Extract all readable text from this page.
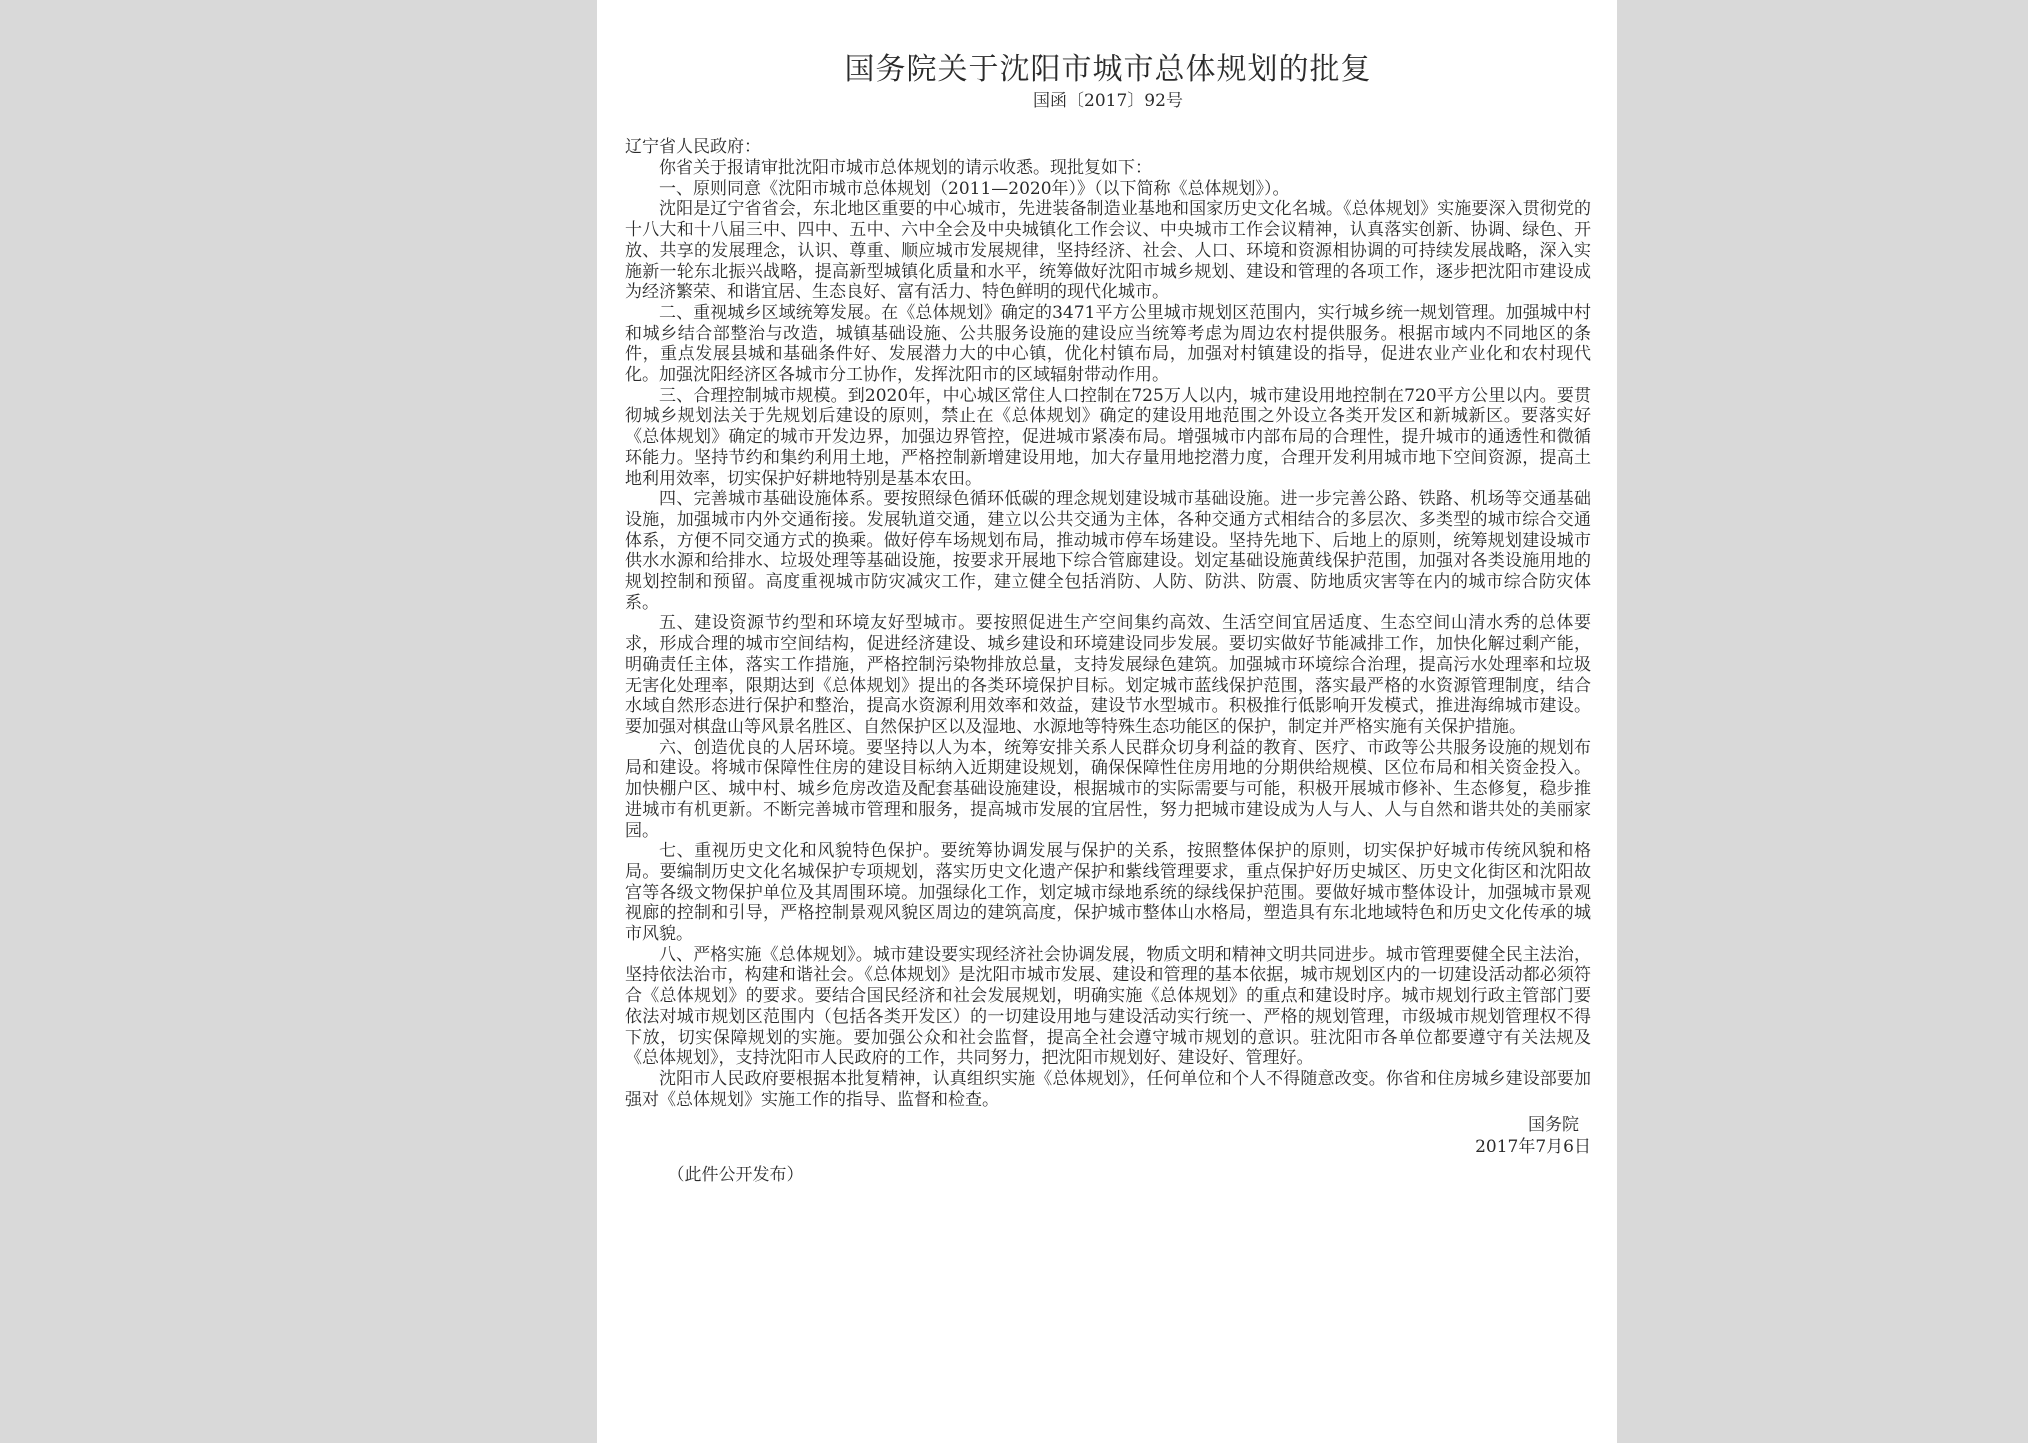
国务院关于沈阳市城市总体规划的批复

国函〔2017〕92号

辽宁省人民政府：

你省关于报请审批沈阳市城市总体规划的请示收悉。现批复如下：

一、原则同意《沈阳市城市总体规划（2011—2020年）》（以下简称《总体规划》）。

沈阳是辽宁省省会，东北地区重要的中心城市，先进装备制造业基地和国家历史文化名城。《总体规划》实施要深入贯彻党的十八大和十八届三中、四中、五中、六中全会及中央城镇化工作会议、中央城市工作会议精神，认真落实创新、协调、绿色、开放、共享的发展理念，认识、尊重、顺应城市发展规律，坚持经济、社会、人口、环境和资源相协调的可持续发展战略，深入实施新一轮东北振兴战略，提高新型城镇化质量和水平，统筹做好沈阳市城乡规划、建设和管理的各项工作，逐步把沈阳市建设成为经济繁荣、和谐宜居、生态良好、富有活力、特色鲜明的现代化城市。

二、重视城乡区域统筹发展。在《总体规划》确定的3471平方公里城市规划区范围内，实行城乡统一规划管理。加强城中村和城乡结合部整治与改造，城镇基础设施、公共服务设施的建设应当统筹考虑为周边农村提供服务。根据市域内不同地区的条件，重点发展县城和基础条件好、发展潜力大的中心镇，优化村镇布局，加强对村镇建设的指导，促进农业产业化和农村现代化。加强沈阳经济区各城市分工协作，发挥沈阳市的区域辐射带动作用。

三、合理控制城市规模。到2020年，中心城区常住人口控制在725万人以内，城市建设用地控制在720平方公里以内。要贯彻城乡规划法关于先规划后建设的原则，禁止在《总体规划》确定的建设用地范围之外设立各类开发区和新城新区。要落实好《总体规划》确定的城市开发边界，加强边界管控，促进城市紧凑布局。增强城市内部布局的合理性，提升城市的通透性和微循环能力。坚持节约和集约利用土地，严格控制新增建设用地，加大存量用地挖潜力度，合理开发利用城市地下空间资源，提高土地利用效率，切实保护好耕地特别是基本农田。

四、完善城市基础设施体系。要按照绿色循环低碳的理念规划建设城市基础设施。进一步完善公路、铁路、机场等交通基础设施，加强城市内外交通衔接。发展轨道交通，建立以公共交通为主体，各种交通方式相结合的多层次、多类型的城市综合交通体系，方便不同交通方式的换乘。做好停车场规划布局，推动城市停车场建设。坚持先地下、后地上的原则，统筹规划建设城市供水水源和给排水、垃圾处理等基础设施，按要求开展地下综合管廊建设。划定基础设施黄线保护范围，加强对各类设施用地的规划控制和预留。高度重视城市防灾减灾工作，建立健全包括消防、人防、防洪、防震、防地质灾害等在内的城市综合防灾体系。

五、建设资源节约型和环境友好型城市。要按照促进生产空间集约高效、生活空间宜居适度、生态空间山清水秀的总体要求，形成合理的城市空间结构，促进经济建设、城乡建设和环境建设同步发展。要切实做好节能减排工作，加快化解过剩产能，明确责任主体，落实工作措施，严格控制污染物排放总量，支持发展绿色建筑。加强城市环境综合治理，提高污水处理率和垃圾无害化处理率，限期达到《总体规划》提出的各类环境保护目标。划定城市蓝线保护范围，落实最严格的水资源管理制度，结合水域自然形态进行保护和整治，提高水资源利用效率和效益，建设节水型城市。积极推行低影响开发模式，推进海绵城市建设。要加强对棋盘山等风景名胜区、自然保护区以及湿地、水源地等特殊生态功能区的保护，制定并严格实施有关保护措施。

六、创造优良的人居环境。要坚持以人为本，统筹安排关系人民群众切身利益的教育、医疗、市政等公共服务设施的规划布局和建设。将城市保障性住房的建设目标纳入近期建设规划，确保保障性住房用地的分期供给规模、区位布局和相关资金投入。加快棚户区、城中村、城乡危房改造及配套基础设施建设，根据城市的实际需要与可能，积极开展城市修补、生态修复，稳步推进城市有机更新。不断完善城市管理和服务，提高城市发展的宜居性，努力把城市建设成为人与人、人与自然和谐共处的美丽家园。

七、重视历史文化和风貌特色保护。要统筹协调发展与保护的关系，按照整体保护的原则，切实保护好城市传统风貌和格局。要编制历史文化名城保护专项规划，落实历史文化遗产保护和紫线管理要求，重点保护好历史城区、历史文化街区和沈阳故宫等各级文物保护单位及其周围环境。加强绿化工作，划定城市绿地系统的绿线保护范围。要做好城市整体设计，加强城市景观视廊的控制和引导，严格控制景观风貌区周边的建筑高度，保护城市整体山水格局，塑造具有东北地域特色和历史文化传承的城市风貌。

八、严格实施《总体规划》。城市建设要实现经济社会协调发展，物质文明和精神文明共同进步。城市管理要健全民主法治，坚持依法治市，构建和谐社会。《总体规划》是沈阳市城市发展、建设和管理的基本依据，城市规划区内的一切建设活动都必须符合《总体规划》的要求。要结合国民经济和社会发展规划，明确实施《总体规划》的重点和建设时序。城市规划行政主管部门要依法对城市规划区范围内（包括各类开发区）的一切建设用地与建设活动实行统一、严格的规划管理，市级城市规划管理权不得下放，切实保障规划的实施。要加强公众和社会监督，提高全社会遵守城市规划的意识。驻沈阳市各单位都要遵守有关法规及《总体规划》，支持沈阳市人民政府的工作，共同努力，把沈阳市规划好、建设好、管理好。

沈阳市人民政府要根据本批复精神，认真组织实施《总体规划》，任何单位和个人不得随意改变。你省和住房城乡建设部要加强对《总体规划》实施工作的指导、监督和检查。

国务院

2017年7月6日

（此件公开发布）
